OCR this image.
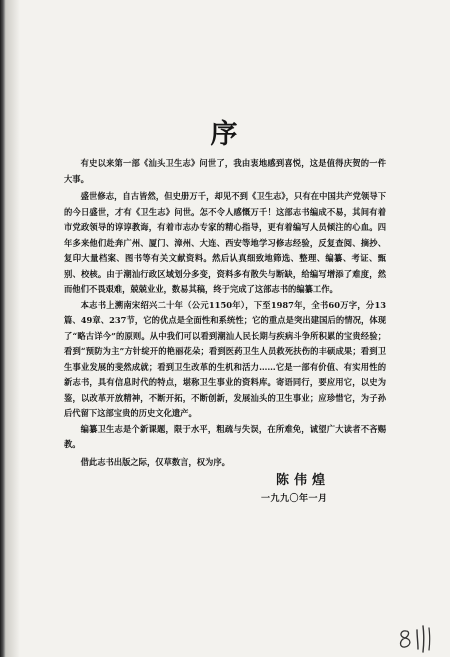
序

有史以来第一部《汕头卫生志》问世了，我由衷地感到喜悦，这是值得庆贺的一件大事。

盛世修志，自古皆然，但史册万千，却见不到《卫生志》，只有在中国共产党领导下的今日盛世，才有《卫生志》问世。怎不令人感慨万千！这部志书编成不易，其间有着市党政领导的谆谆教诲，有着市志办专家的精心指导，更有着编写人员倾注的心血。四年多来他们赴奔广州、厦门、漳州、大连、西安等地学习修志经验，反复查阅、摘抄、复印大量档案、图书等有关文献资料。然后认真细致地筛选、整理、编纂、考证、甄别、校核。由于潮汕行政区域划分多变，资料多有散失与断缺，给编写增添了难度，然而他们不畏艰难，兢兢业业，数易其稿，终于完成了这部志书的编纂工作。

本志书上溯南宋绍兴二十年（公元1150年），下至1987年，全书60万字，分13篇、49章、237节，它的优点是全面性和系统性；它的重点是突出建国后的情况，体现了“略古详今”的原则。从中我们可以看到潮汕人民长期与疾病斗争所积累的宝贵经验；看到“预防为主”方针绽开的艳丽花朵；看到医药卫生人员救死扶伤的丰硕成果；看到卫生事业发展的斐然成就；看到卫生改革的生机和活力……它是一部有价值、有实用性的新志书，具有信息时代的特点，堪称卫生事业的资料库。寄语同行，要应用它，以史为鉴，以改革开放精神，不断开拓，不断创新，发展汕头的卫生事业；应珍惜它，为子孙后代留下这部宝贵的历史文化遗产。

编纂卫生志是个新课题，限于水平，粗疏与失误，在所难免，诚望广大读者不吝赐教。

借此志书出版之际，仅草数言，权为序。

陈伟煌
一九九〇年一月
